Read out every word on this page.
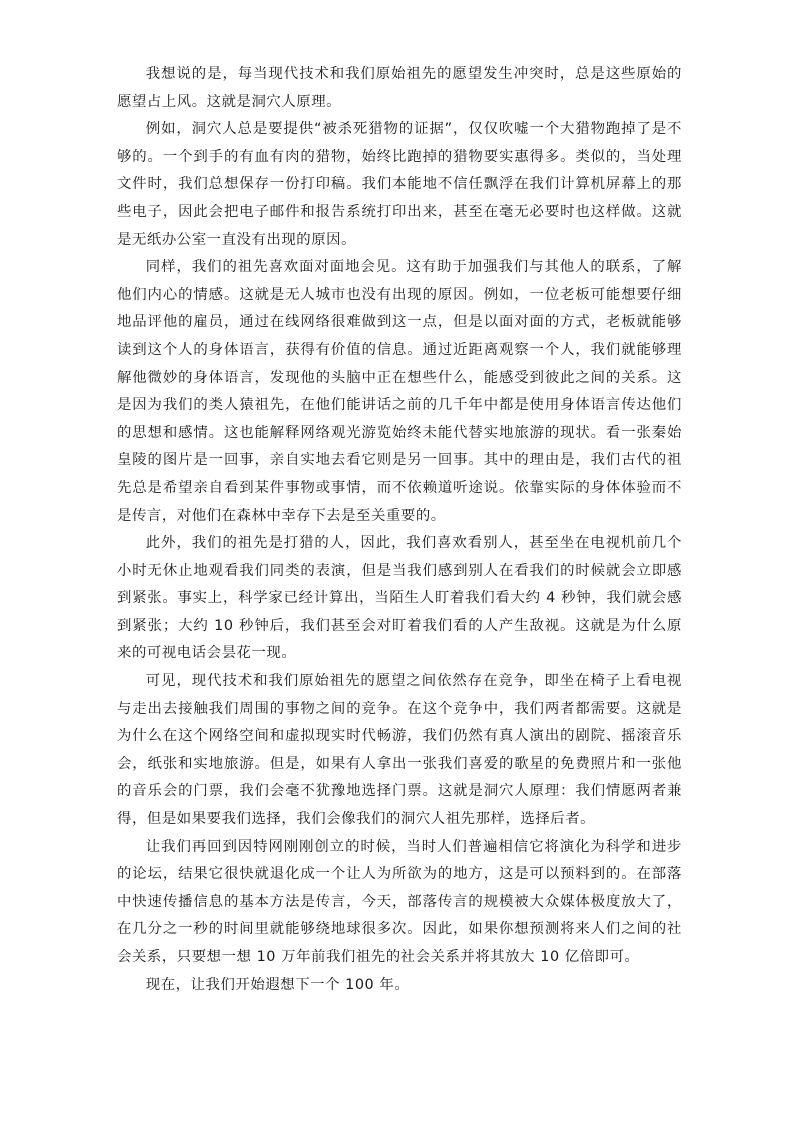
我想说的是，每当现代技术和我们原始祖先的愿望发生冲突时，总是这些原始的愿望占上风。这就是洞穴人原理。

例如，洞穴人总是要提供“被杀死猎物的证据”，仅仅吹嘘一个大猎物跑掉了是不够的。一个到手的有血有肉的猎物，始终比跑掉的猎物要实惠得多。类似的，当处理文件时，我们总想保存一份打印稿。我们本能地不信任飘浮在我们计算机屏幕上的那些电子，因此会把电子邮件和报告系统打印出来，甚至在毫无必要时也这样做。这就是无纸办公室一直没有出现的原因。

同样，我们的祖先喜欢面对面地会见。这有助于加强我们与其他人的联系，了解他们内心的情感。这就是无人城市也没有出现的原因。例如，一位老板可能想要仔细地品评他的雇员，通过在线网络很难做到这一点，但是以面对面的方式，老板就能够读到这个人的身体语言，获得有价值的信息。通过近距离观察一个人，我们就能够理解他微妙的身体语言，发现他的头脑中正在想些什么，能感受到彼此之间的关系。这是因为我们的类人猿祖先，在他们能讲话之前的几千年中都是使用身体语言传达他们的思想和感情。这也能解释网络观光游览始终未能代替实地旅游的现状。看一张秦始皇陵的图片是一回事，亲自实地去看它则是另一回事。其中的理由是，我们古代的祖先总是希望亲自看到某件事物或事情，而不依赖道听途说。依靠实际的身体体验而不是传言，对他们在森林中幸存下去是至关重要的。

此外，我们的祖先是打猎的人，因此，我们喜欢看别人，甚至坐在电视机前几个小时无休止地观看我们同类的表演，但是当我们感到别人在看我们的时候就会立即感到紧张。事实上，科学家已经计算出，当陌生人盯着我们看大约 4 秒钟，我们就会感到紧张；大约 10 秒钟后，我们甚至会对盯着我们看的人产生敌视。这就是为什么原来的可视电话会昙花一现。

可见，现代技术和我们原始祖先的愿望之间依然存在竞争，即坐在椅子上看电视与走出去接触我们周围的事物之间的竞争。在这个竞争中，我们两者都需要。这就是为什么在这个网络空间和虚拟现实时代畅游，我们仍然有真人演出的剧院、摇滚音乐会，纸张和实地旅游。但是，如果有人拿出一张我们喜爱的歌星的免费照片和一张他的音乐会的门票，我们会毫不犹豫地选择门票。这就是洞穴人原理：我们情愿两者兼得，但是如果要我们选择，我们会像我们的洞穴人祖先那样，选择后者。

让我们再回到因特网刚刚创立的时候，当时人们普遍相信它将演化为科学和进步的论坛，结果它很快就退化成一个让人为所欲为的地方，这是可以预料到的。在部落中快速传播信息的基本方法是传言，今天，部落传言的规模被大众媒体极度放大了，在几分之一秒的时间里就能够绕地球很多次。因此，如果你想预测将来人们之间的社会关系，只要想一想 10 万年前我们祖先的社会关系并将其放大 10 亿倍即可。

现在，让我们开始遐想下一个 100 年。
